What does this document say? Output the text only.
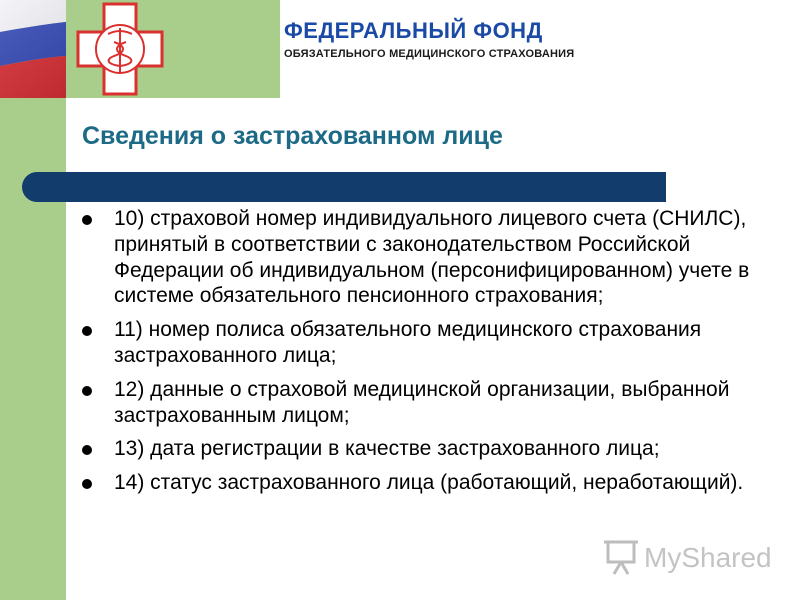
ФЕДЕРАЛЬНЫЙ ФОНД
ОБЯЗАТЕЛЬНОГО МЕДИЦИНСКОГО СТРАХОВАНИЯ
Сведения о застрахованном лице
10) страховой номер индивидуального лицевого счета (СНИЛС), принятый в соответствии с законодательством Российской Федерации об индивидуальном (персонифицированном) учете в системе обязательного пенсионного страхования;
11) номер полиса обязательного медицинского страхования застрахованного лица;
12) данные о страховой медицинской организации, выбранной застрахованным лицом;
13) дата регистрации в качестве застрахованного лица;
14) статус застрахованного лица (работающий, неработающий).
MyShared
